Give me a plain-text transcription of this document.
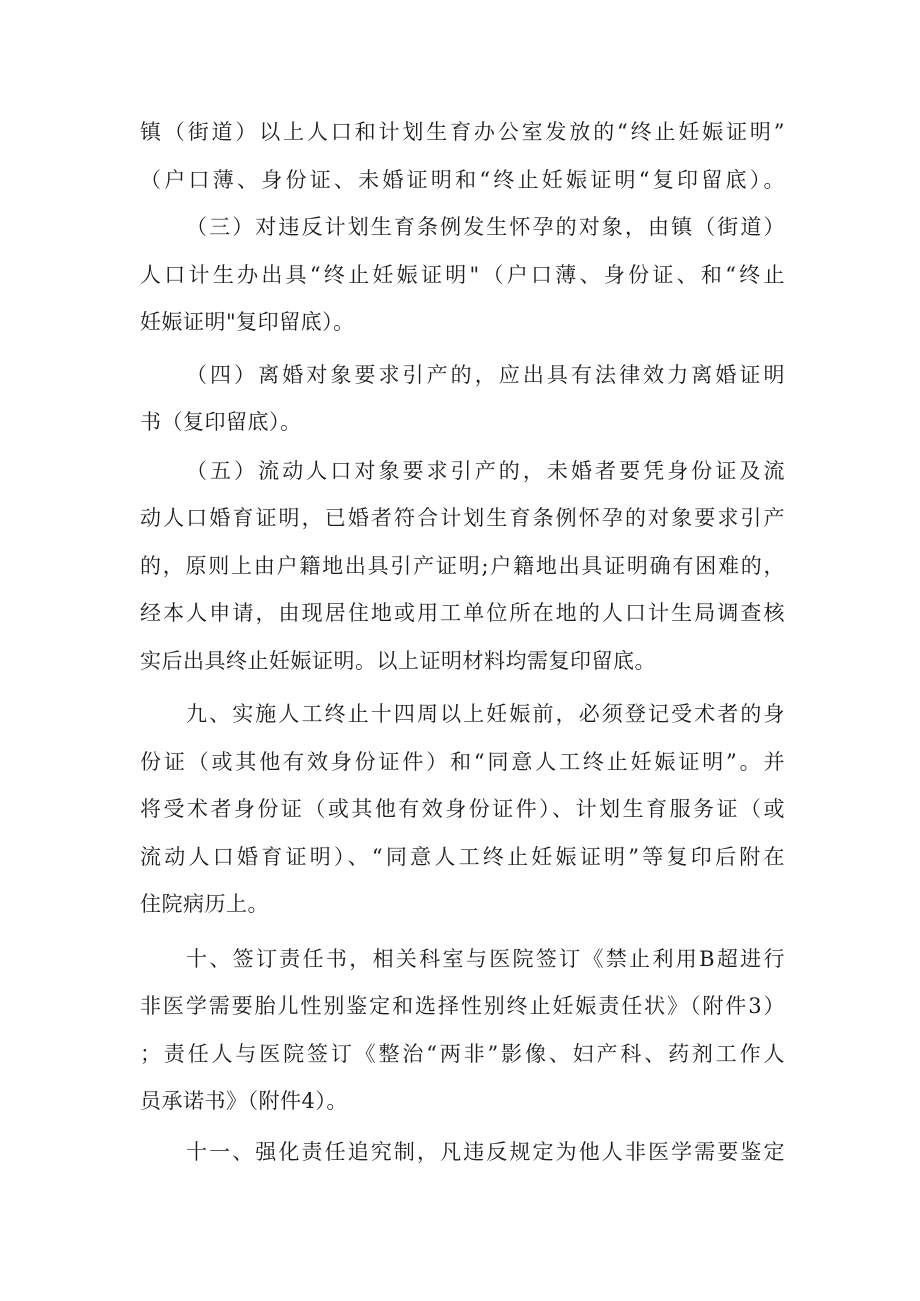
镇（街道）以上人口和计划生育办公室发放的“终止妊娠证明”
（户口薄、身份证、未婚证明和“终止妊娠证明“复印留底）。
（三）对违反计划生育条例发生怀孕的对象，由镇（街道）
人口计生办出具“终止妊娠证明"（户口薄、身份证、和“终止
妊娠证明"复印留底）。
（四）离婚对象要求引产的，应出具有法律效力离婚证明
书（复印留底）。
（五）流动人口对象要求引产的，未婚者要凭身份证及流
动人口婚育证明，已婚者符合计划生育条例怀孕的对象要求引产
的，原则上由户籍地出具引产证明;户籍地出具证明确有困难的，
经本人申请，由现居住地或用工单位所在地的人口计生局调查核
实后出具终止妊娠证明。以上证明材料均需复印留底。
九、实施人工终止十四周以上妊娠前，必须登记受术者的身
份证（或其他有效身份证件）和“同意人工终止妊娠证明”。并
将受术者身份证（或其他有效身份证件）、计划生育服务证（或
流动人口婚育证明）、“同意人工终止妊娠证明”等复印后附在
住院病历上。
十、签订责任书，相关科室与医院签订《禁止利用B超进行
非医学需要胎儿性别鉴定和选择性别终止妊娠责任状》（附件3）
；责任人与医院签订《整治“两非”影像、妇产科、药剂工作人
员承诺书》（附件4）。
十一、强化责任追究制，凡违反规定为他人非医学需要鉴定
